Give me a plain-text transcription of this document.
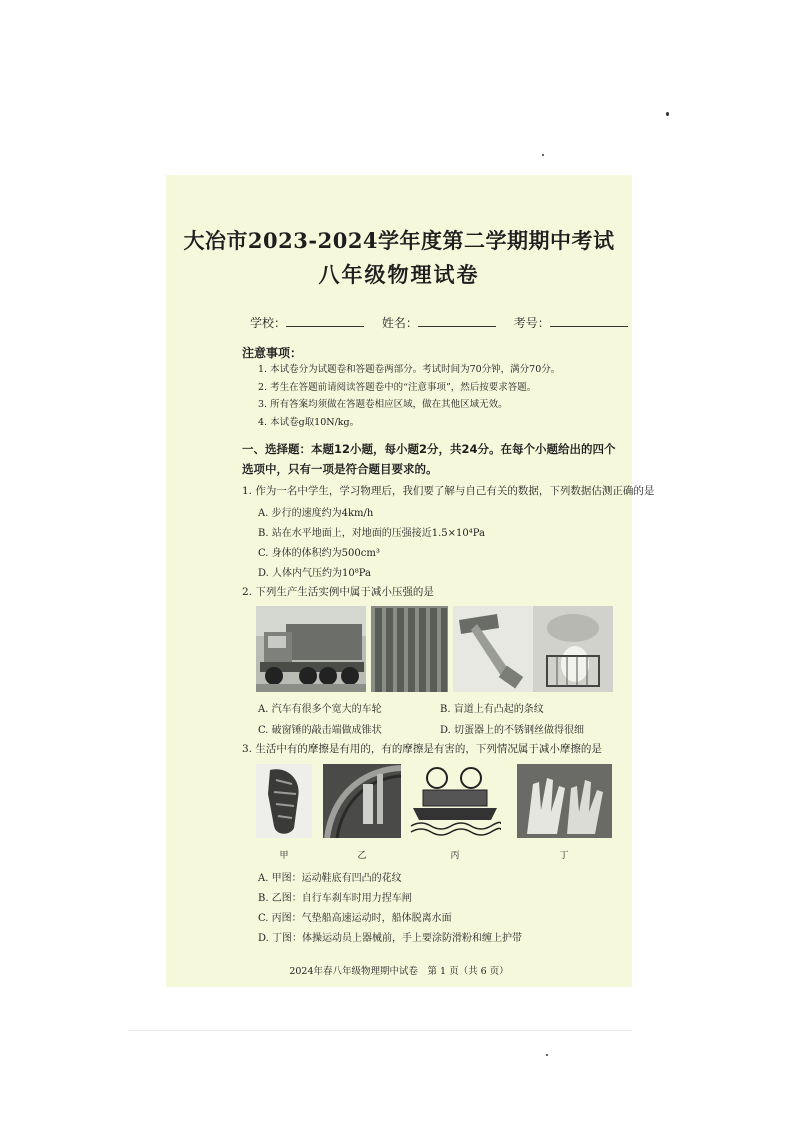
大冶市2023-2024学年度第二学期期中考试
八年级物理试卷
学校：	姓名：	考号：
注意事项：
1. 本试卷分为试题卷和答题卷两部分。考试时间为70分钟，满分70分。
2. 考生在答题前请阅读答题卷中的“注意事项”，然后按要求答题。
3. 所有答案均须做在答题卷相应区域，做在其他区域无效。
4. 本试卷g取10N/kg。
一、选择题：本题12小题，每小题2分，共24分。在每个小题给出的四个选项中，只有一项是符合题目要求的。
1. 作为一名中学生，学习物理后，我们要了解与自己有关的数据，下列数据估测正确的是
A. 步行的速度约为4km/h
B. 站在水平地面上，对地面的压强接近1.5×10⁴Pa
C. 身体的体积约为500cm³
D. 人体内气压约为10⁸Pa
2. 下列生产生活实例中属于减小压强的是
A. 汽车有很多个宽大的车轮	B. 盲道上有凸起的条纹
C. 破窗锤的敲击端做成锥状	D. 切蛋器上的不锈钢丝做得很细
3. 生活中有的摩擦是有用的，有的摩擦是有害的，下列情况属于减小摩擦的是
甲	乙	丙	丁
A. 甲图：运动鞋底有凹凸的花纹
B. 乙图：自行车刹车时用力捏车闸
C. 丙图：气垫船高速运动时，船体脱离水面
D. 丁图：体操运动员上器械前，手上要涂防滑粉和缠上护带
2024年春八年级物理期中试卷　第 1 页（共 6 页）
